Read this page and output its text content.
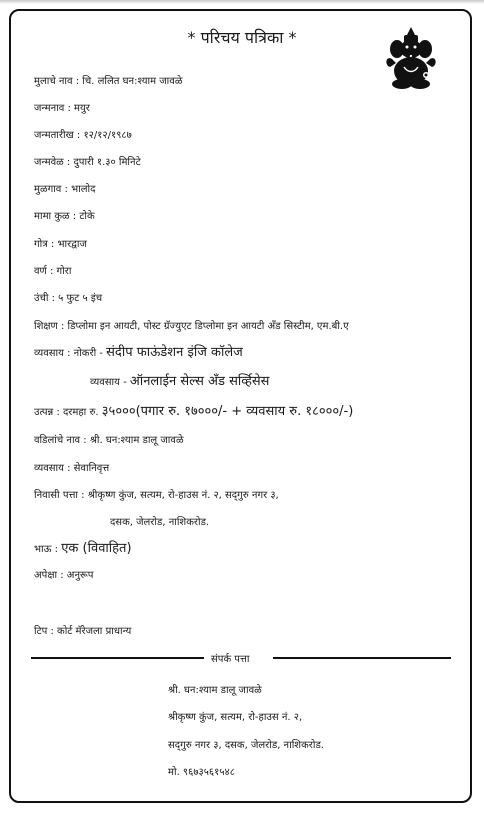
* परिचय पत्रिका *
मुलाचे नाव : चि. ललित घन:श्याम जावळे
जन्मनाव : मयुर
जन्मतारीख : १२/१२/१९८७
जन्मवेळ : दुपारी १.३० मिनिटे
मुळगाव : भालोद
मामा कुळ : टोके
गोत्र : भारद्वाज
वर्ण : गोरा
उंची : ५ फुट ५ इंच
शिक्षण : डिप्लोमा इन आयटी, पोस्ट ग्रॅज्युएट डिप्लोमा इन आयटी अँड सिस्टीम, एम.बी.ए
व्यवसाय : नोकरी - संदीप फाऊंडेशन इंजि कॉलेज
व्यवसाय - ऑनलाईन सेल्स अँड सर्व्हिसेस
उत्पन्न : दरमहा रु. ३५०००(पगार रु. १७०००/- + व्यवसाय रु. १८०००/-)
वडिलांचे नाव : श्री. घन:श्याम डालू जावळे
व्यवसाय : सेवानिवृत्त
निवासी पत्ता : श्रीकृष्ण कुंज, सत्यम, रो-हाउस नं. २, सद्‌गुरु नगर ३,
दसक, जेलरोड, नाशिकरोड.
भाऊ : एक (विवाहित)
अपेक्षा : अनुरूप
टिप : कोर्ट मॅरेजला प्राधान्य
संपर्क पत्ता
श्री. घन:श्याम डालू जावळे
श्रीकृष्ण कुंज, सत्यम, रो-हाउस नं. २,
सद्‌गुरु नगर ३, दसक, जेलरोड, नाशिकरोड.
मो. ९६७३५६१५४८
